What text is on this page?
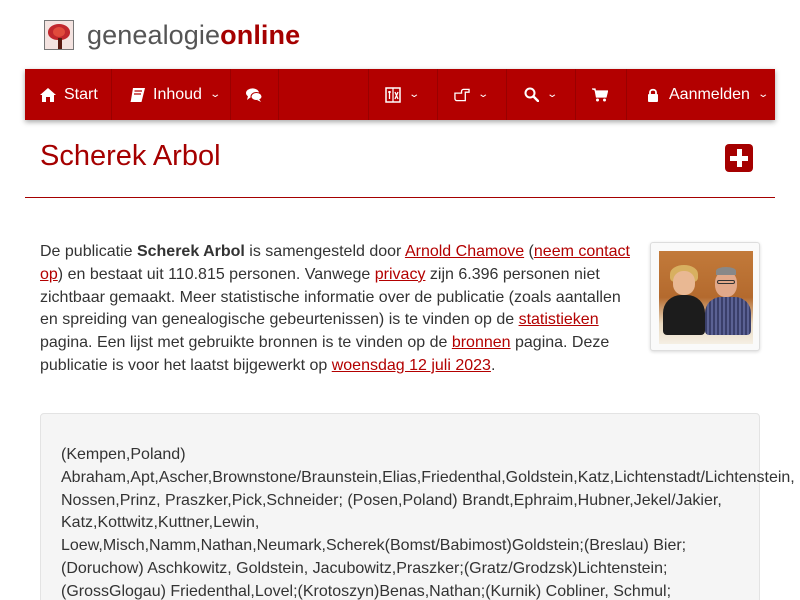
genealogieonline
Start	Inhoud ⌄	⌄	⌄	⌄	Aanmelden ⌄
Scherek Arbol

De publicatie Scherek Arbol is samengesteld door Arnold Chamove (neem contact op) en bestaat uit 110.815 personen. Vanwege privacy zijn 6.396 personen niet zichtbaar gemaakt. Meer statistische informatie over de publicatie (zoals aantallen en spreiding van genealogische gebeurtenissen) is te vinden op de statistieken pagina. Een lijst met gebruikte bronnen is te vinden op de bronnen pagina. Deze publicatie is voor het laatst bijgewerkt op woensdag 12 juli 2023.

(Kempen,Poland)
Abraham,Apt,Ascher,Brownstone/Braunstein,Elias,Friedenthal,Goldstein,Katz,Lichtenstadt/Lichtenstein,
Nossen,Prinz, Praszker,Pick,Schneider; (Posen,Poland) Brandt,Ephraim,Hubner,Jekel/Jakier,
Katz,Kottwitz,Kuttner,Lewin,
Loew,Misch,Namm,Nathan,Neumark,Scherek(Bomst/Babimost)Goldstein;(Breslau) Bier;
(Doruchow) Aschkowitz, Goldstein, Jacubowitz,Praszker;(Gratz/Grodzsk)Lichtenstein;
(GrossGlogau) Friedenthal,Lovel;(Krotoszyn)Benas,Nathan;(Kurnik) Cobliner, Schmul;
